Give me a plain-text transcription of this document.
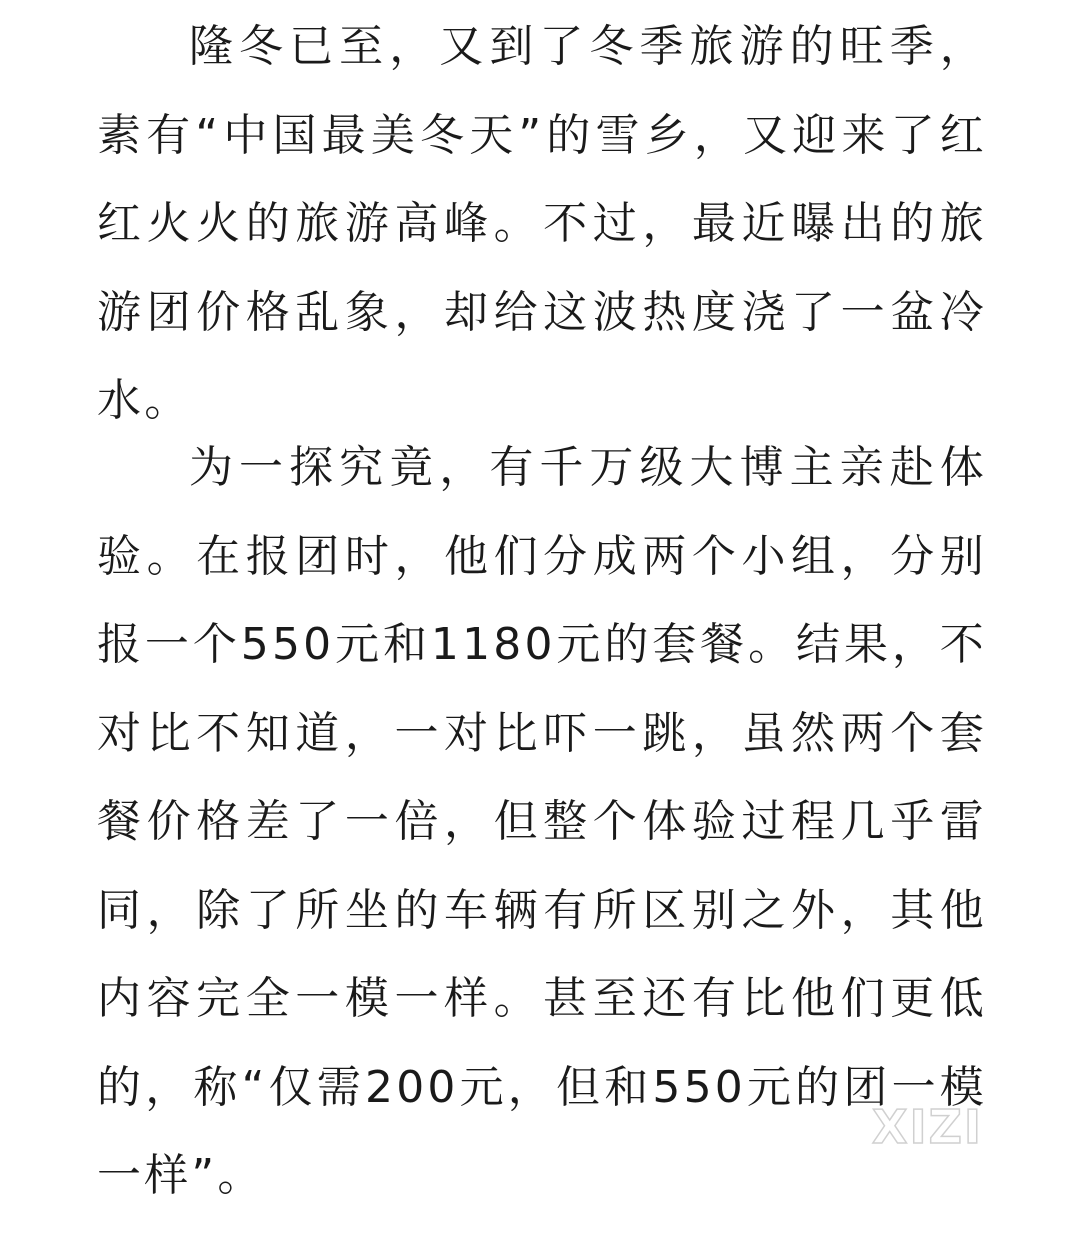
隆冬已至，又到了冬季旅游的旺季，素有“中国最美冬天”的雪乡，又迎来了红红火火的旅游高峰。不过，最近曝出的旅游团价格乱象，却给这波热度浇了一盆冷水。

为一探究竟，有千万级大博主亲赴体验。在报团时，他们分成两个小组，分别报一个550元和1180元的套餐。结果，不对比不知道，一对比吓一跳，虽然两个套餐价格差了一倍，但整个体验过程几乎雷同，除了所坐的车辆有所区别之外，其他内容完全一模一样。甚至还有比他们更低的，称“仅需200元，但和550元的团一模一样”。

XIZI
